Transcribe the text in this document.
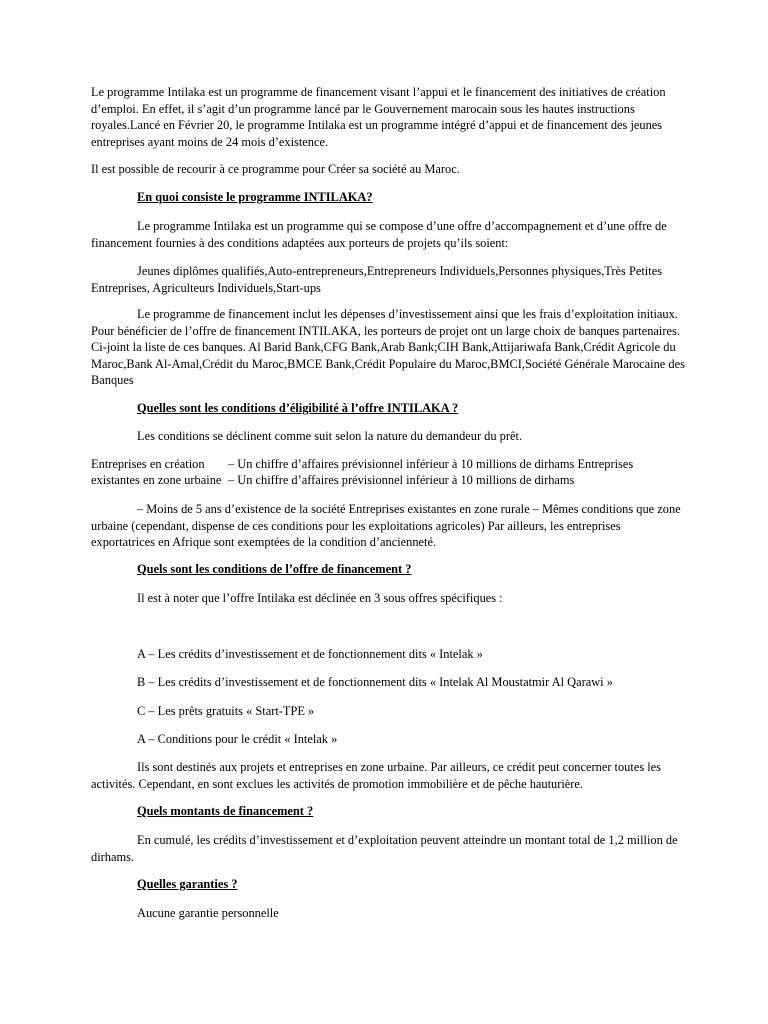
Le programme Intilaka est un programme de financement visant l’appui et le financement des initiatives de création d’emploi. En effet, il s’agit d’un programme lancé par le Gouvernement marocain sous les hautes instructions royales.Lancé en Février 20, le programme Intilaka est un programme intégré d’appui et de financement des jeunes entreprises ayant moins de 24 mois d’existence.

Il est possible de recourir à ce programme pour Créer sa société au Maroc.

En quoi consiste le programme INTILAKA?

Le programme Intilaka est un programme qui se compose d’une offre d’accompagnement et d’une offre de financement fournies à des conditions adaptées aux porteurs de projets qu’ils soient:

Jeunes diplômes qualifiés,Auto-entrepreneurs,Entrepreneurs Individuels,Personnes physiques,Très Petites Entreprises, Agriculteurs Individuels,Start-ups

Le programme de financement inclut les dépenses d’investissement ainsi que les frais d’exploitation initiaux. Pour bénéficier de l’offre de financement INTILAKA, les porteurs de projet ont un large choix de banques partenaires. Ci-joint la liste de ces banques. Al Barid Bank,CFG Bank,Arab Bank;CIH Bank,Attijariwafa Bank,Crédit Agricole du Maroc,Bank Al-Amal,Crédit du Maroc,BMCE Bank,Crédit Populaire du Maroc,BMCI,Société Générale Marocaine des Banques

Quelles sont les conditions d’éligibilité à l’offre INTILAKA ?

Les conditions se déclinent comme suit selon la nature du demandeur du prêt.

Entreprises en création – Un chiffre d’affaires prévisionnel inférieur à 10 millions de dirhams Entreprises

existantes en zone urbaine – Un chiffre d’affaires prévisionnel inférieur à 10 millions de dirhams

– Moins de 5 ans d’existence de la société Entreprises existantes en zone rurale – Mêmes conditions que zone urbaine (cependant, dispense de ces conditions pour les exploitations agricoles) Par ailleurs, les entreprises exportatrices en Afrique sont exemptées de la condition d’ancienneté.

Quels sont les conditions de l’offre de financement ?

Il est à noter que l’offre Intilaka est déclinée en 3 sous offres spécifiques :

A – Les crédits d’investissement et de fonctionnement dits « Intelak »

B – Les crédits d’investissement et de fonctionnement dits « Intelak Al Moustatmir Al Qarawi »

C – Les prêts gratuits « Start-TPE »

A – Conditions pour le crédit « Intelak »

Ils sont destinés aux projets et entreprises en zone urbaine. Par ailleurs, ce crédit peut concerner toutes les activités. Cependant, en sont exclues les activités de promotion immobilière et de pêche hauturière.

Quels montants de financement ?

En cumulé, les crédits d’investissement et d’exploitation peuvent atteindre un montant total de 1,2 million de dirhams.

Quelles garanties ?

Aucune garantie personnelle
